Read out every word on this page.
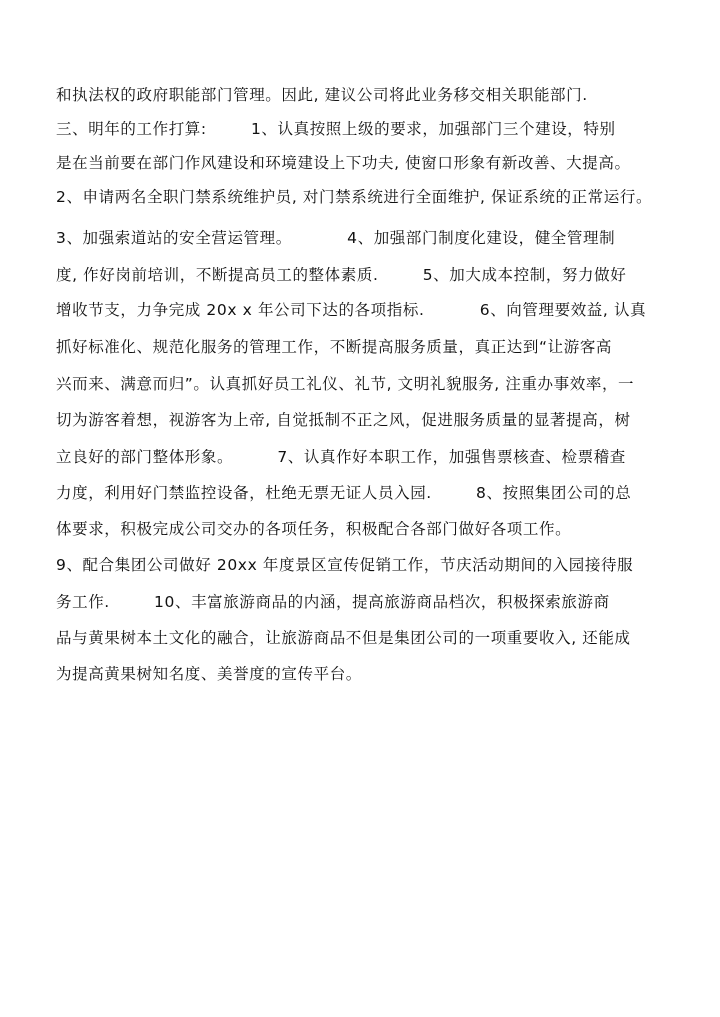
和执法权的政府职能部门管理。因此, 建议公司将此业务移交相关职能部门.
三、明年的工作打算:        1、认真按照上级的要求，加强部门三个建设，特别
是在当前要在部门作风建设和环境建设上下功夫, 使窗口形象有新改善、大提高。
2、申请两名全职门禁系统维护员, 对门禁系统进行全面维护, 保证系统的正常运行。
3、加强索道站的安全营运管理。          4、加强部门制度化建设，健全管理制
度, 作好岗前培训，不断提高员工的整体素质.        5、加大成本控制，努力做好
增收节支，力争完成 20x x 年公司下达的各项指标.          6、向管理要效益, 认真
抓好标准化、规范化服务的管理工作，不断提高服务质量，真正达到“让游客高
兴而来、满意而归”。认真抓好员工礼仪、礼节, 文明礼貌服务, 注重办事效率，一
切为游客着想，视游客为上帝, 自觉抵制不正之风，促进服务质量的显著提高，树
立良好的部门整体形象。        7、认真作好本职工作，加强售票核查、检票稽查
力度，利用好门禁监控设备，杜绝无票无证人员入园.        8、按照集团公司的总
体要求，积极完成公司交办的各项任务，积极配合各部门做好各项工作。
9、配合集团公司做好 20xx 年度景区宣传促销工作，节庆活动期间的入园接待服
务工作.        10、丰富旅游商品的内涵，提高旅游商品档次，积极探索旅游商
品与黄果树本土文化的融合，让旅游商品不但是集团公司的一项重要收入, 还能成
为提高黄果树知名度、美誉度的宣传平台。
